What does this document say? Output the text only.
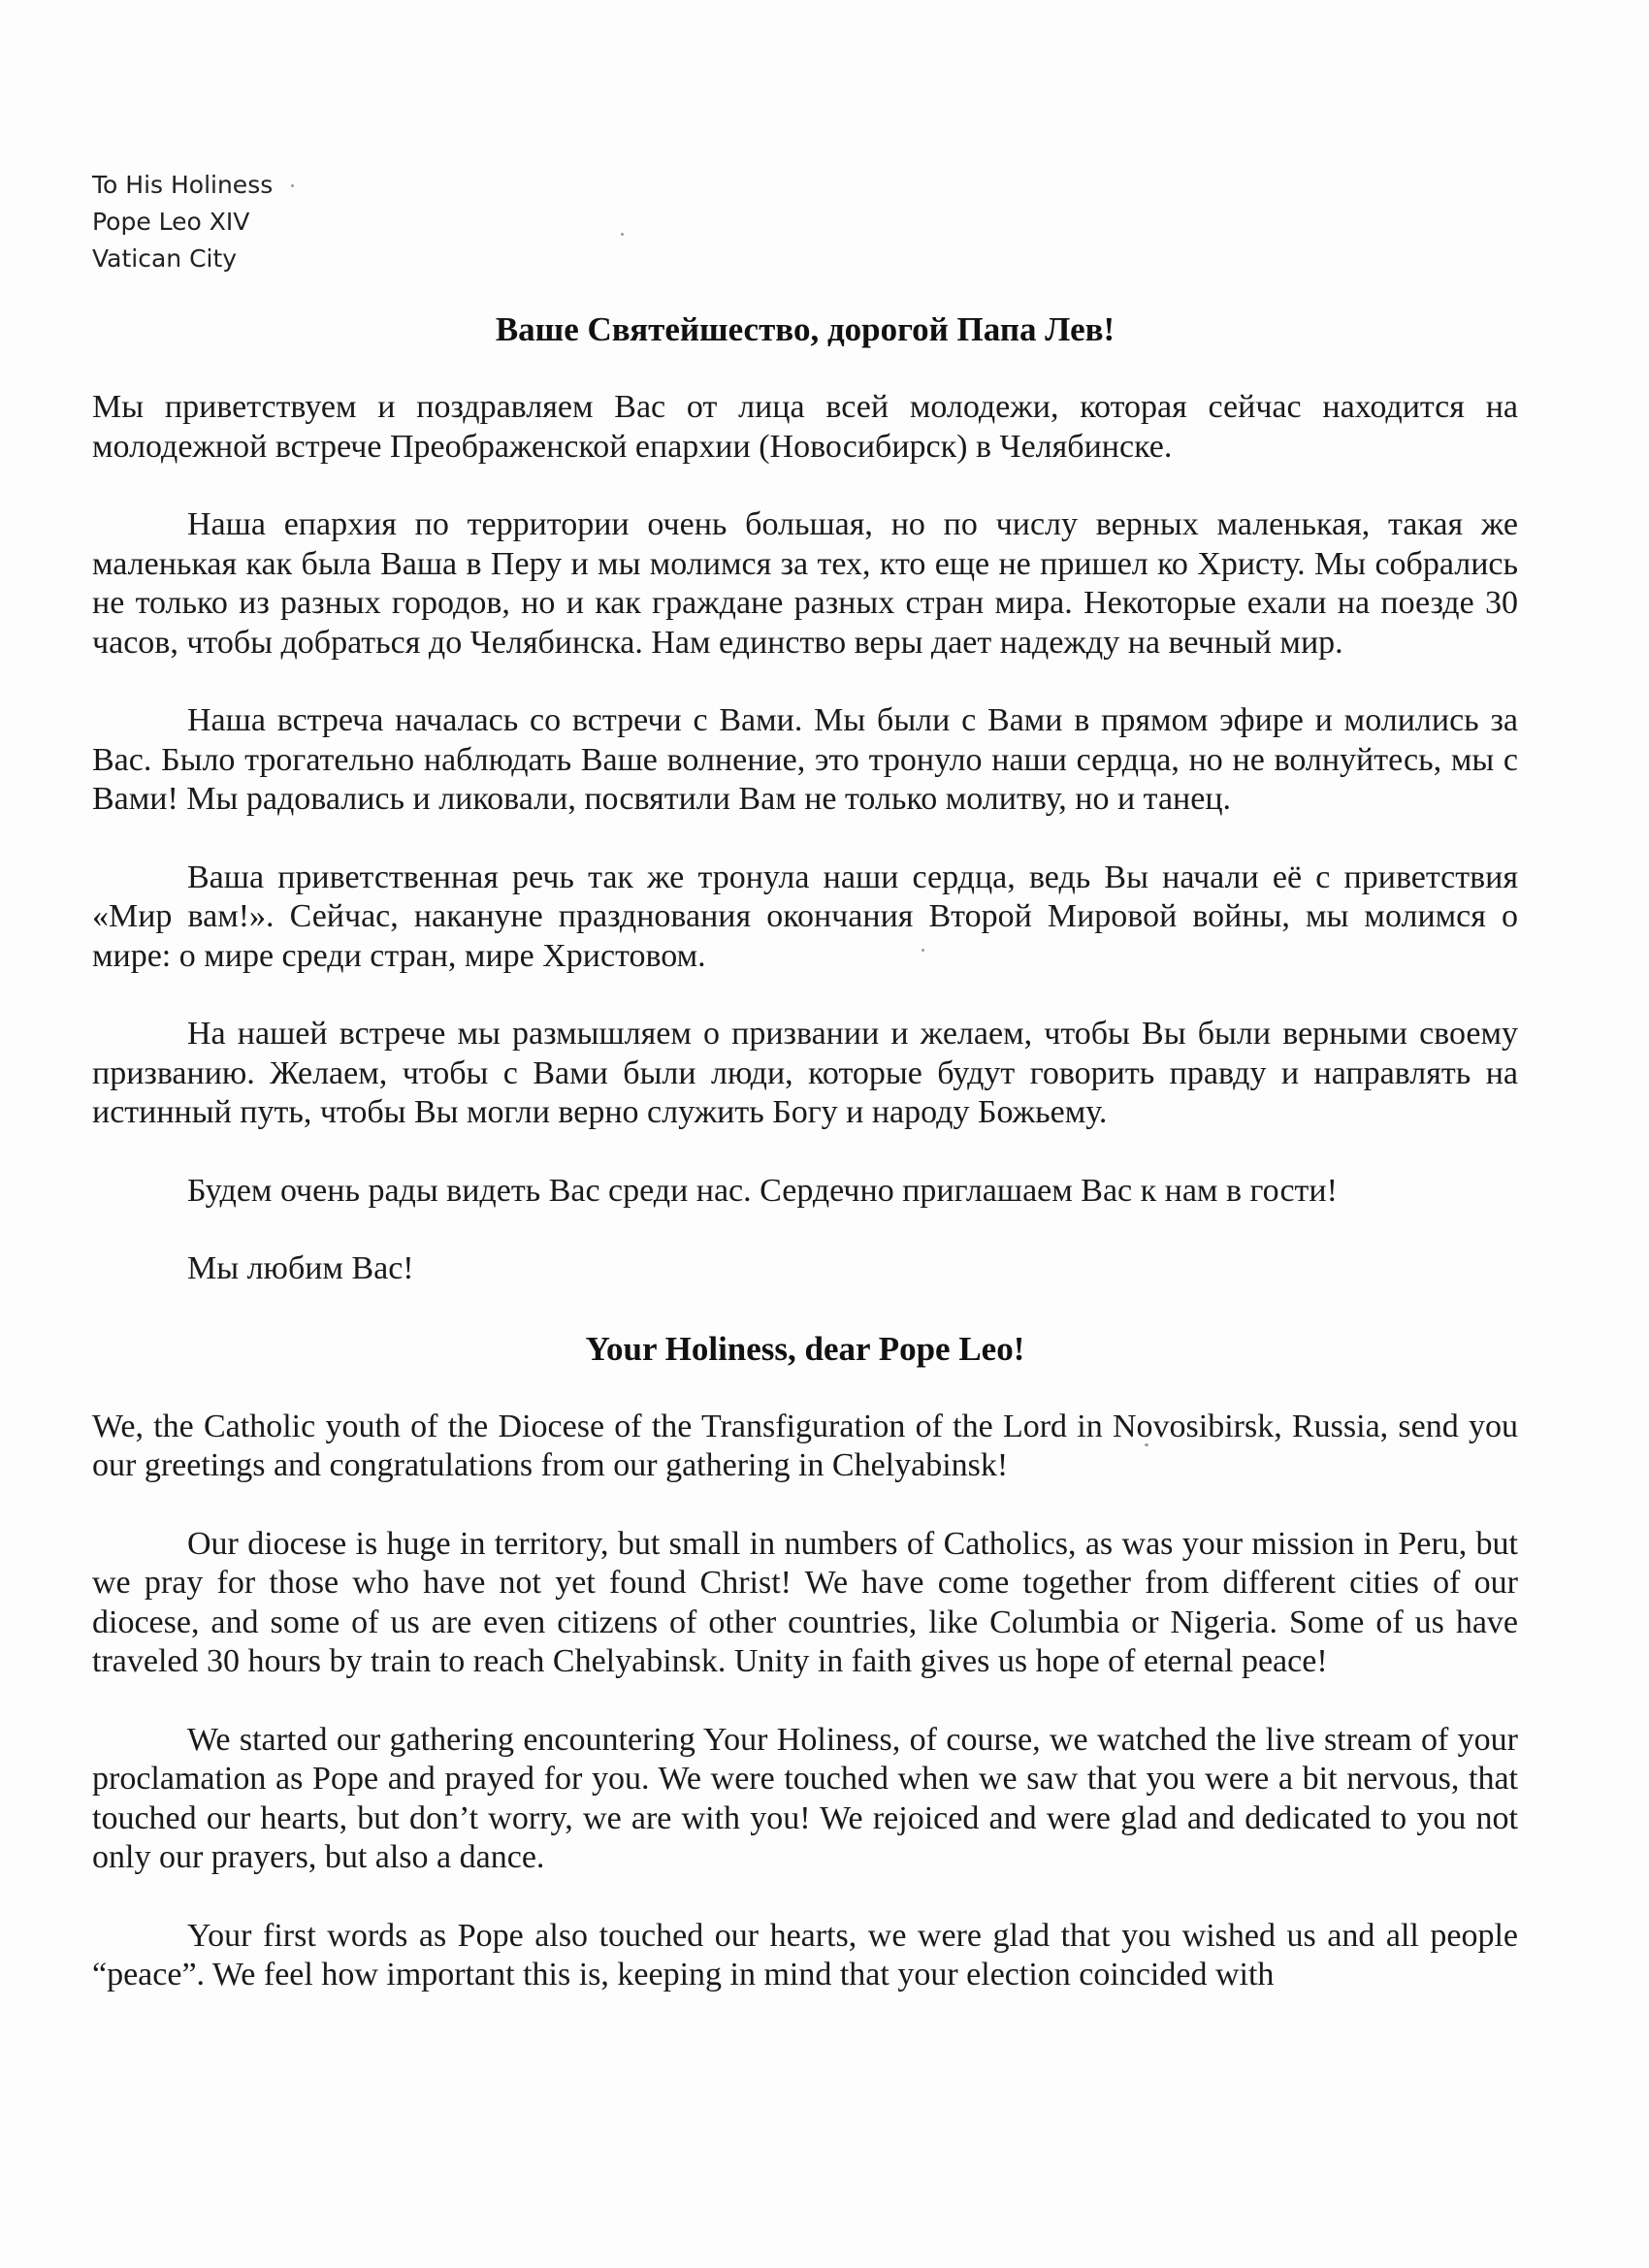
To His Holiness
Pope Leo XIV
Vatican City
Ваше Святейшество, дорогой Папа Лев!

Мы приветствуем и поздравляем Вас от лица всей молодежи, которая сейчас находится на молодежной встрече Преображенской епархии (Новосибирск) в Челябинске.

Наша епархия по территории очень большая, но по числу верных маленькая, такая же маленькая как была Ваша в Перу и мы молимся за тех, кто еще не пришел ко Христу. Мы собрались не только из разных городов, но и как граждане разных стран мира. Некоторые ехали на поезде 30 часов, чтобы добраться до Челябинска. Нам единство веры дает надежду на вечный мир.

Наша встреча началась со встречи с Вами. Мы были с Вами в прямом эфире и молились за Вас. Было трогательно наблюдать Ваше волнение, это тронуло наши сердца, но не волнуйтесь, мы с Вами! Мы радовались и ликовали, посвятили Вам не только молитву, но и танец.

Ваша приветственная речь так же тронула наши сердца, ведь Вы начали её с приветствия «Мир вам!». Сейчас, накануне празднования окончания Второй Мировой войны, мы молимся о мире: о мире среди стран, мире Христовом.

На нашей встрече мы размышляем о призвании и желаем, чтобы Вы были верными своему призванию. Желаем, чтобы с Вами были люди, которые будут говорить правду и направлять на истинный путь, чтобы Вы могли верно служить Богу и народу Божьему.

Будем очень рады видеть Вас среди нас. Сердечно приглашаем Вас к нам в гости!

Мы любим Вас!

Your Holiness, dear Pope Leo!

We, the Catholic youth of the Diocese of the Transfiguration of the Lord in Novosibirsk, Russia, send you our greetings and congratulations from our gathering in Chelyabinsk!

Our diocese is huge in territory, but small in numbers of Catholics, as was your mission in Peru, but we pray for those who have not yet found Christ! We have come together from different cities of our diocese, and some of us are even citizens of other countries, like Columbia or Nigeria. Some of us have traveled 30 hours by train to reach Chelyabinsk. Unity in faith gives us hope of eternal peace!

We started our gathering encountering Your Holiness, of course, we watched the live stream of your proclamation as Pope and prayed for you. We were touched when we saw that you were a bit nervous, that touched our hearts, but don’t worry, we are with you! We rejoiced and were glad and dedicated to you not only our prayers, but also a dance.

Your first words as Pope also touched our hearts, we were glad that you wished us and all people “peace”. We feel how important this is, keeping in mind that your election coincided with
